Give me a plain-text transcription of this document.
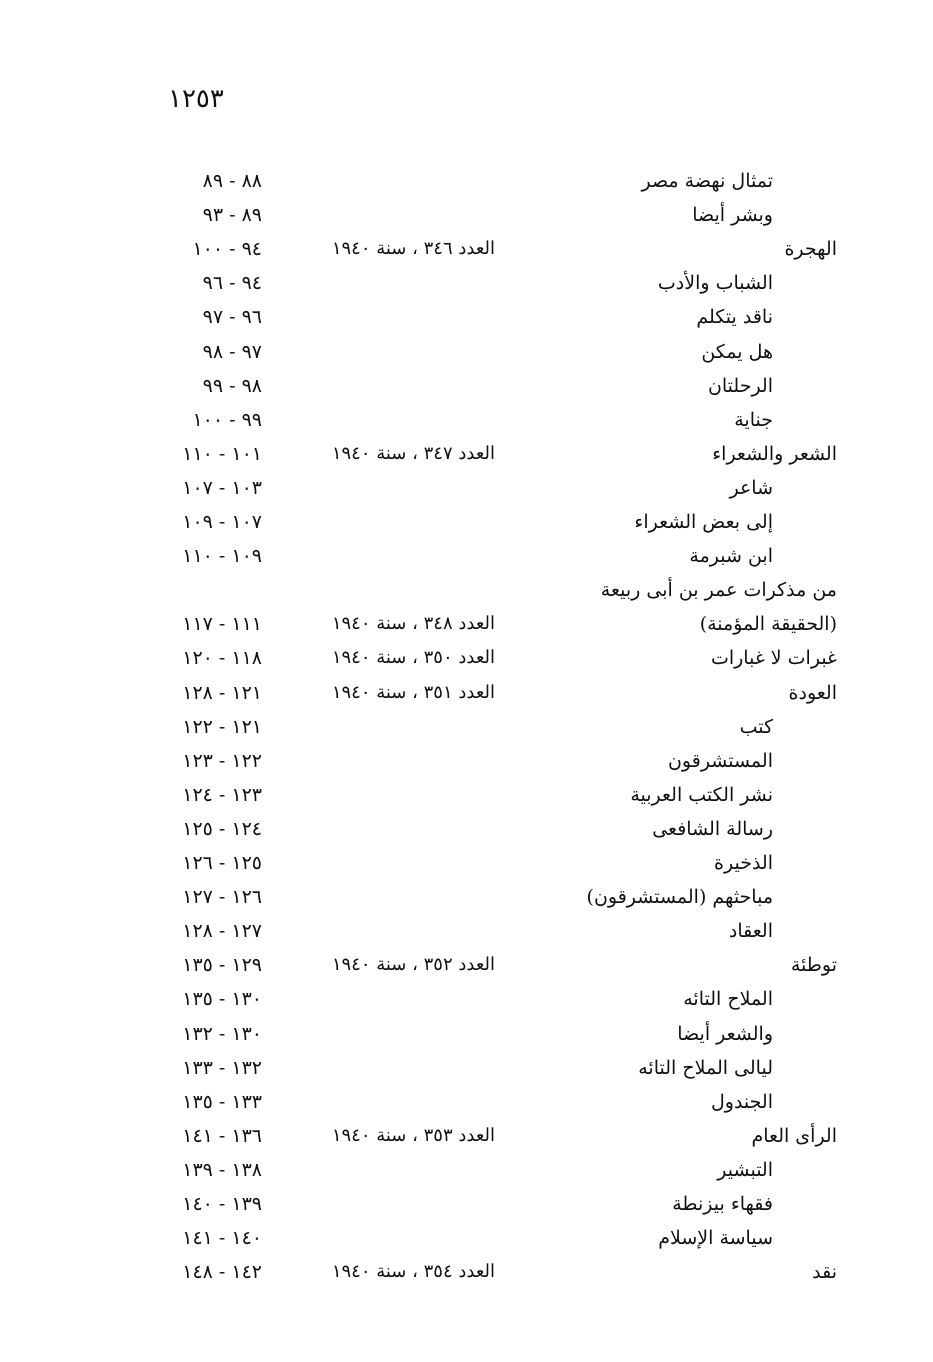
١٢٥٣
تمثال نهضة مصر
٨٨ - ٨٩
وبشر أيضا
٨٩ - ٩٣
الهجرة
العدد ٣٤٦ ، سنة ١٩٤٠
٩٤ - ١٠٠
الشباب والأدب
٩٤ - ٩٦
ناقد يتكلم
٩٦ - ٩٧
هل يمكن
٩٧ - ٩٨
الرحلتان
٩٨ - ٩٩
جناية
٩٩ - ١٠٠
الشعر والشعراء
العدد ٣٤٧ ، سنة ١٩٤٠
١٠١ - ١١٠
شاعر
١٠٣ - ١٠٧
إلى بعض الشعراء
١٠٧ - ١٠٩
ابن شبرمة
١٠٩ - ١١٠
من مذكرات عمر بن أبى ربيعة
(الحقيقة المؤمنة)
العدد ٣٤٨ ، سنة ١٩٤٠
١١١ - ١١٧
غبرات لا غبارات
العدد ٣٥٠ ، سنة ١٩٤٠
١١٨ - ١٢٠
العودة
العدد ٣٥١ ، سنة ١٩٤٠
١٢١ - ١٢٨
كتب
١٢١ - ١٢٢
المستشرقون
١٢٢ - ١٢٣
نشر الكتب العربية
١٢٣ - ١٢٤
رسالة الشافعى
١٢٤ - ١٢٥
الذخيرة
١٢٥ - ١٢٦
مباحثهم (المستشرقون)
١٢٦ - ١٢٧
العقاد
١٢٧ - ١٢٨
توطئة
العدد ٣٥٢ ، سنة ١٩٤٠
١٢٩ - ١٣٥
الملاح التائه
١٣٠ - ١٣٥
والشعر أيضا
١٣٠ - ١٣٢
ليالى الملاح التائه
١٣٢ - ١٣٣
الجندول
١٣٣ - ١٣٥
الرأى العام
العدد ٣٥٣ ، سنة ١٩٤٠
١٣٦ - ١٤١
التبشير
١٣٨ - ١٣٩
فقهاء بيزنطة
١٣٩ - ١٤٠
سياسة الإسلام
١٤٠ - ١٤١
نقد
العدد ٣٥٤ ، سنة ١٩٤٠
١٤٢ - ١٤٨
